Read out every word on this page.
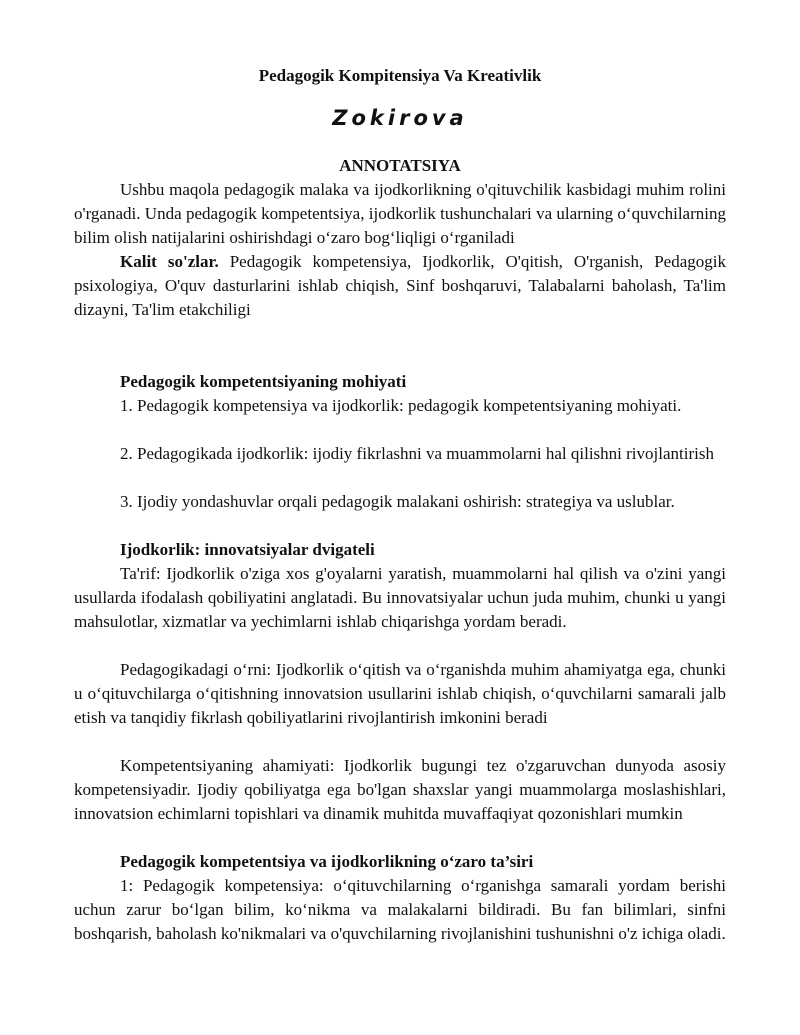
Pedagogik Kompitensiya Va Kreativlik
Zokirova
ANNOTATSIYA

Ushbu maqola pedagogik malaka va ijodkorlikning o'qituvchilik kasbidagi muhim rolini o'rganadi. Unda pedagogik kompetentsiya, ijodkorlik tushunchalari va ularning o‘quvchilarning bilim olish natijalarini oshirishdagi o‘zaro bog‘liqligi o‘rganiladi

Kalit so'zlar. Pedagogik kompetensiya, Ijodkorlik, O'qitish, O'rganish, Pedagogik psixologiya, O'quv dasturlarini ishlab chiqish, Sinf boshqaruvi, Talabalarni baholash, Ta'lim dizayni, Ta'lim etakchiligi

Pedagogik kompetentsiyaning mohiyati

1. Pedagogik kompetensiya va ijodkorlik: pedagogik kompetentsiyaning mohiyati.

2. Pedagogikada ijodkorlik: ijodiy fikrlashni va muammolarni hal qilishni rivojlantirish

3. Ijodiy yondashuvlar orqali pedagogik malakani oshirish: strategiya va uslublar.

Ijodkorlik: innovatsiyalar dvigateli

Ta'rif: Ijodkorlik o'ziga xos g'oyalarni yaratish, muammolarni hal qilish va o'zini yangi usullarda ifodalash qobiliyatini anglatadi. Bu innovatsiyalar uchun juda muhim, chunki u yangi mahsulotlar, xizmatlar va yechimlarni ishlab chiqarishga yordam beradi.

Pedagogikadagi o‘rni: Ijodkorlik o‘qitish va o‘rganishda muhim ahamiyatga ega, chunki u o‘qituvchilarga o‘qitishning innovatsion usullarini ishlab chiqish, o‘quvchilarni samarali jalb etish va tanqidiy fikrlash qobiliyatlarini rivojlantirish imkonini beradi

Kompetentsiyaning ahamiyati: Ijodkorlik bugungi tez o'zgaruvchan dunyoda asosiy kompetensiyadir. Ijodiy qobiliyatga ega bo'lgan shaxslar yangi muammolarga moslashishlari, innovatsion echimlarni topishlari va dinamik muhitda muvaffaqiyat qozonishlari mumkin

Pedagogik kompetentsiya va ijodkorlikning o‘zaro ta’siri

1: Pedagogik kompetensiya: o‘qituvchilarning o‘rganishga samarali yordam berishi uchun zarur bo‘lgan bilim, ko‘nikma va malakalarni bildiradi. Bu fan bilimlari, sinfni boshqarish, baholash ko'nikmalari va o'quvchilarning rivojlanishini tushunishni o'z ichiga oladi.
